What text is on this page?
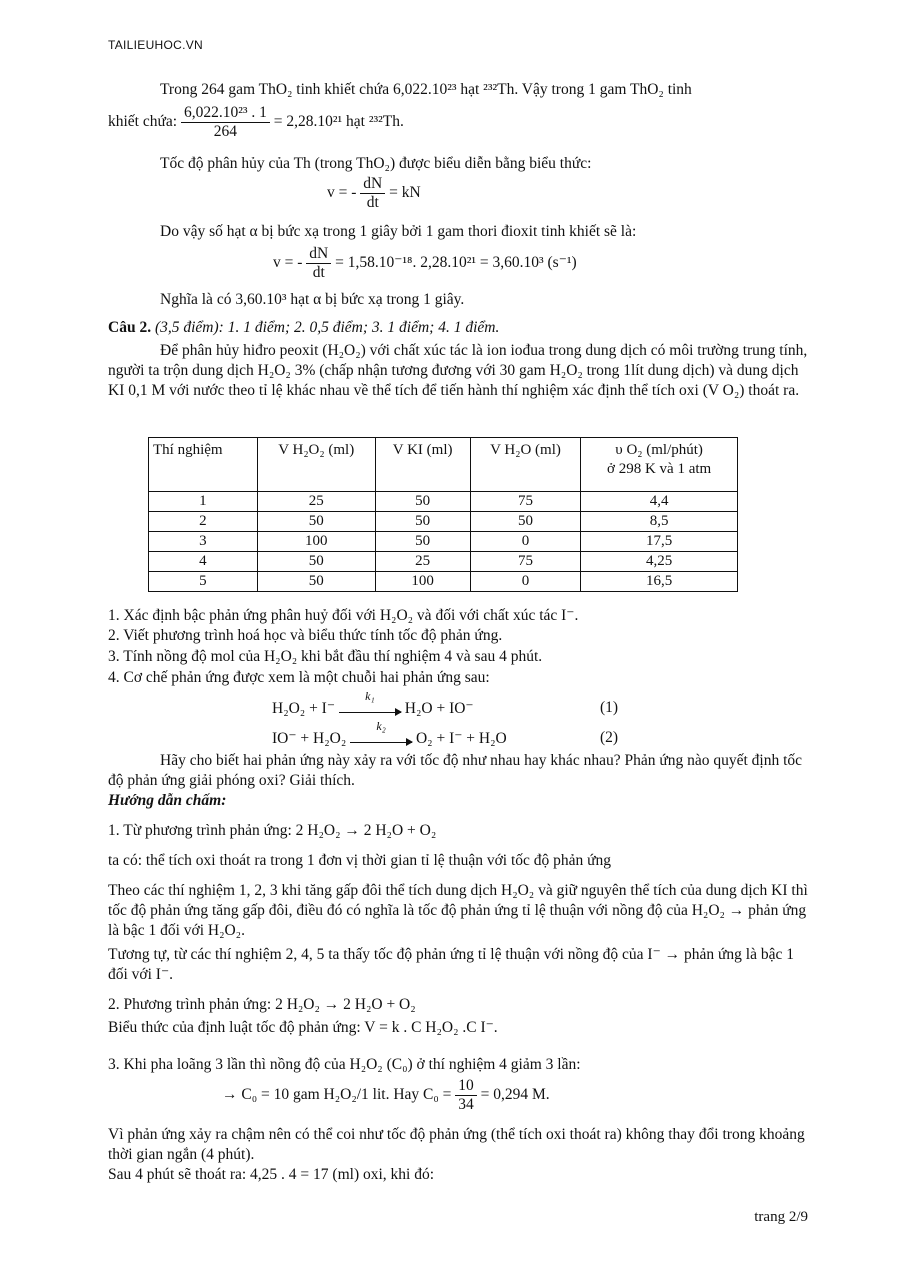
TAILIEUHOC.VN
Trong 264 gam ThO₂ tinh khiết chứa 6,022.10²³ hạt ²³²Th. Vậy trong 1 gam ThO₂ tinh
khiết chứa: $\frac{\text{6,022.10²³ . 1}}{264} = 2,28.10^{21}$ hạt ²³²Th.
Tốc độ phân hủy của Th (trong ThO₂) được biểu diễn bằng biểu thức:
v = - $\frac{dN}{dt}$ = kN
Do vậy số hạt α bị bức xạ trong 1 giây bởi 1 gam thori đioxit tinh khiết sẽ là:
v = - $\frac{dN}{dt} = 1,58.10^{-18}$. 2,28.10²¹ = 3,60.10³ (s⁻¹)
Nghĩa là có 3,60.10³ hạt α bị bức xạ trong 1 giây.
Câu 2. (3,5 điểm): 1. 1 điểm; 2. 0,5 điểm; 3. 1 điểm; 4. 1 điểm.
Để phân hủy hiđro peoxit (H₂O₂) với chất xúc tác là ion iođua trong dung dịch có môi trường trung tính, người ta trộn dung dịch H₂O₂ 3% (chấp nhận tương đương với 30 gam H₂O₂ trong 1lít dung dịch) và dung dịch KI 0,1 M với nước theo tỉ lệ khác nhau về thể tích để tiến hành thí nghiệm xác định thể tích oxi (V O₂) thoát ra.
Thí nghiệm	V H₂O₂ (ml)	V KI (ml)	V H₂O (ml)	υ O₂ (ml/phút)
ở 298 K và 1 atm
1	25	50	75	4,4
2	50	50	50	8,5
3	100	50	0	17,5
4	50	25	75	4,25
5	50	100	0	16,5
1. Xác định bậc phản ứng phân huỷ đối với H₂O₂ và đối với chất xúc tác I⁻.
2. Viết phương trình hoá học và biểu thức tính tốc độ phản ứng.
3. Tính nồng độ mol của H₂O₂ khi bắt đầu thí nghiệm 4 và sau 4 phút.
4. Cơ chế phản ứng được xem là một chuỗi hai phản ứng sau:
H₂O₂ + I⁻
k₁
H₂O + IO⁻	(1)
IO⁻ + H₂O₂
k₂
O₂ + I⁻ + H₂O	(2)
Hãy cho biết hai phản ứng này xảy ra với tốc độ như nhau hay khác nhau? Phản ứng nào quyết định tốc độ phản ứng giải phóng oxi? Giải thích.
Hướng dẫn chấm:
1. Từ phương trình phản ứng: 2 H₂O₂ → 2 H₂O + O₂
ta có: thể tích oxi thoát ra trong 1 đơn vị thời gian tỉ lệ thuận với tốc độ phản ứng
Theo các thí nghiệm 1, 2, 3 khi tăng gấp đôi thể tích dung dịch H₂O₂ và giữ nguyên thể tích của dung dịch KI thì tốc độ phản ứng tăng gấp đôi, điều đó có nghĩa là tốc độ phản ứng tỉ lệ thuận với nồng độ của H₂O₂ → phản ứng là bậc 1 đối với H₂O₂.
Tương tự, từ các thí nghiệm 2, 4, 5 ta thấy tốc độ phản ứng tỉ lệ thuận với nồng độ của I⁻ → phản ứng là bậc 1 đối với I⁻.
2. Phương trình phản ứng: 2 H₂O₂ → 2 H₂O + O₂
Biểu thức của định luật tốc độ phản ứng: V = k . C H₂O₂ .C I⁻.
3. Khi pha loãng 3 lần thì nồng độ của H₂O₂ (C₀) ở thí nghiệm 4 giảm 3 lần:
→ C₀ = 10 gam H₂O₂/1 lit. Hay $C_0 = \frac{10}{34} = 0,294$ M.
Vì phản ứng xảy ra chậm nên có thể coi như tốc độ phản ứng (thể tích oxi thoát ra) không thay đổi trong khoảng thời gian ngắn (4 phút).
Sau 4 phút sẽ thoát ra: 4,25 . 4 = 17 (ml) oxi, khi đó:
trang 2/9
